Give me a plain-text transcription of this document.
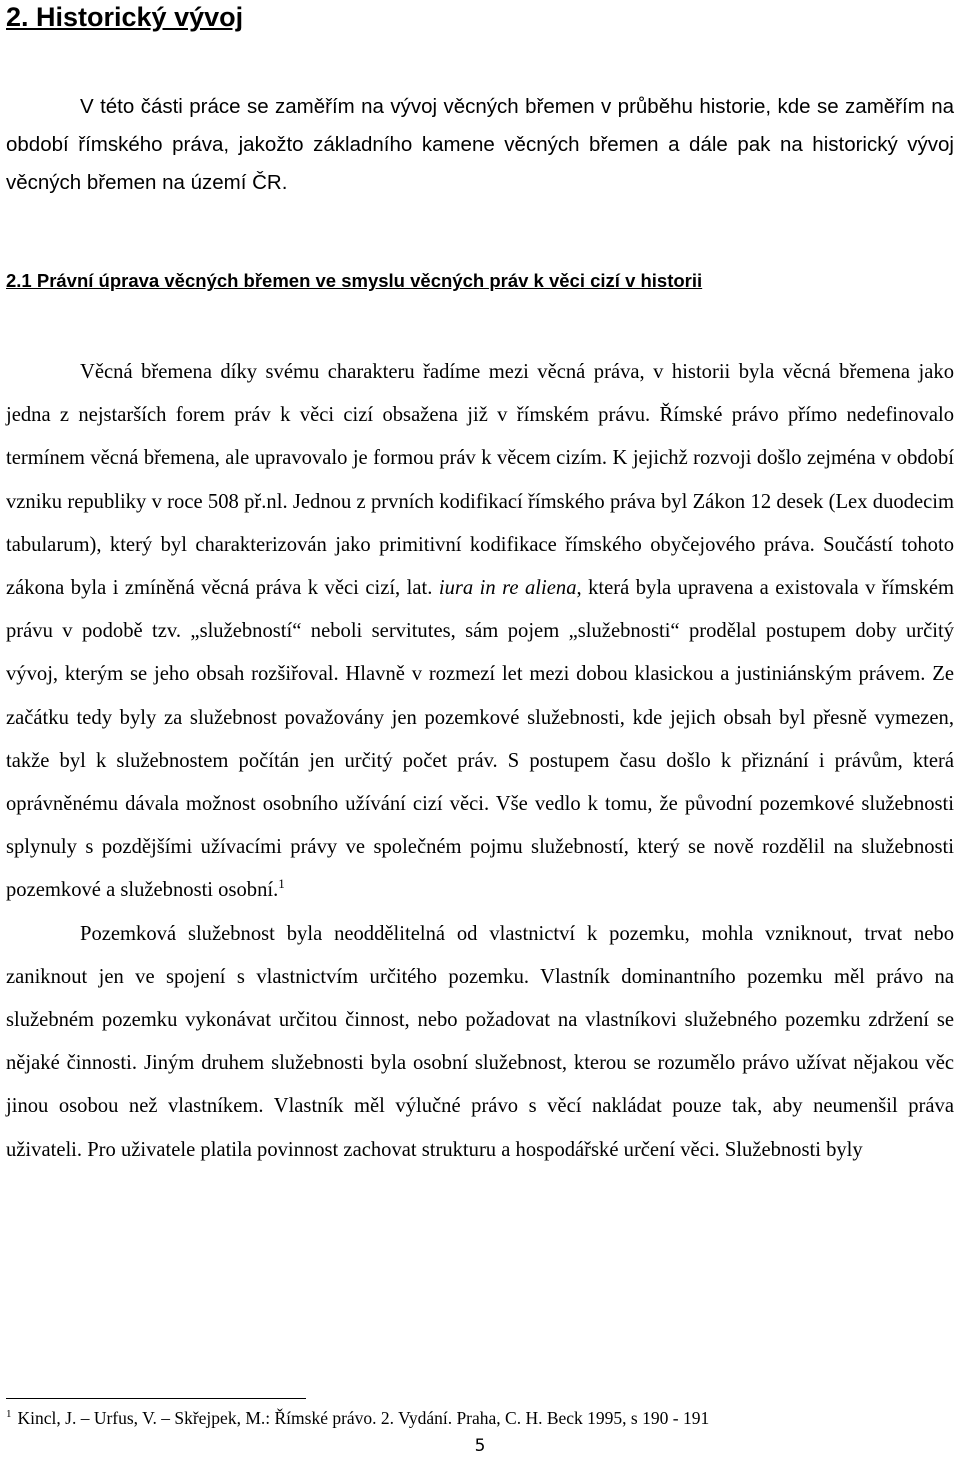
2. Historický vývoj

V této části práce se zaměřím na vývoj věcných břemen v průběhu historie, kde se zaměřím na období římského práva, jakožto základního kamene věcných břemen a dále pak na historický vývoj věcných břemen na území ČR.

2.1 Právní úprava věcných břemen ve smyslu věcných práv k věci cizí v historii

Věcná břemena díky svému charakteru řadíme mezi věcná práva, v historii byla věcná břemena jako jedna z nejstarších forem práv k věci cizí obsažena již v římském právu. Římské právo přímo nedefinovalo termínem věcná břemena, ale upravovalo je formou práv k věcem cizím. K jejichž rozvoji došlo zejména v období vzniku republiky v roce 508 př.nl. Jednou z prvních kodifikací římského práva byl Zákon 12 desek (Lex duodecim tabularum), který byl charakterizován jako primitivní kodifikace římského obyčejového práva. Součástí tohoto zákona byla i zmíněná věcná práva k věci cizí, lat. iura in re aliena, která byla upravena a existovala v římském právu v podobě tzv. „služebností“ neboli servitutes, sám pojem „služebnosti“ prodělal postupem doby určitý vývoj, kterým se jeho obsah rozšiřoval. Hlavně v rozmezí let mezi dobou klasickou a justiniánským právem. Ze začátku tedy byly za služebnost považovány jen pozemkové služebnosti, kde jejich obsah byl přesně vymezen, takže byl k služebnostem počítán jen určitý počet práv. S postupem času došlo k přiznání i právům, která oprávněnému dávala možnost osobního užívání cizí věci. Vše vedlo k tomu, že původní pozemkové služebnosti splynuly s pozdějšími užívacími právy ve společném pojmu služebností, který se nově rozdělil na služebnosti pozemkové a služebnosti osobní.$^1$

Pozemková služebnost byla neoddělitelná od vlastnictví k pozemku, mohla vzniknout, trvat nebo zaniknout jen ve spojení s vlastnictvím určitého pozemku. Vlastník dominantního pozemku měl právo na služebném pozemku vykonávat určitou činnost, nebo požadovat na vlastníkovi služebného pozemku zdržení se nějaké činnosti. Jiným druhem služebnosti byla osobní služebnost, kterou se rozumělo právo užívat nějakou věc jinou osobou než vlastníkem. Vlastník měl výlučné právo s věcí nakládat pouze tak, aby neumenšil práva uživateli. Pro uživatele platila povinnost zachovat strukturu a hospodářské určení věci. Služebnosti byly

$^1$ Kincl, J. – Urfus, V. – Skřejpek, M.: Římské právo. 2. Vydání. Praha, C. H. Beck 1995, s 190 - 191

5
